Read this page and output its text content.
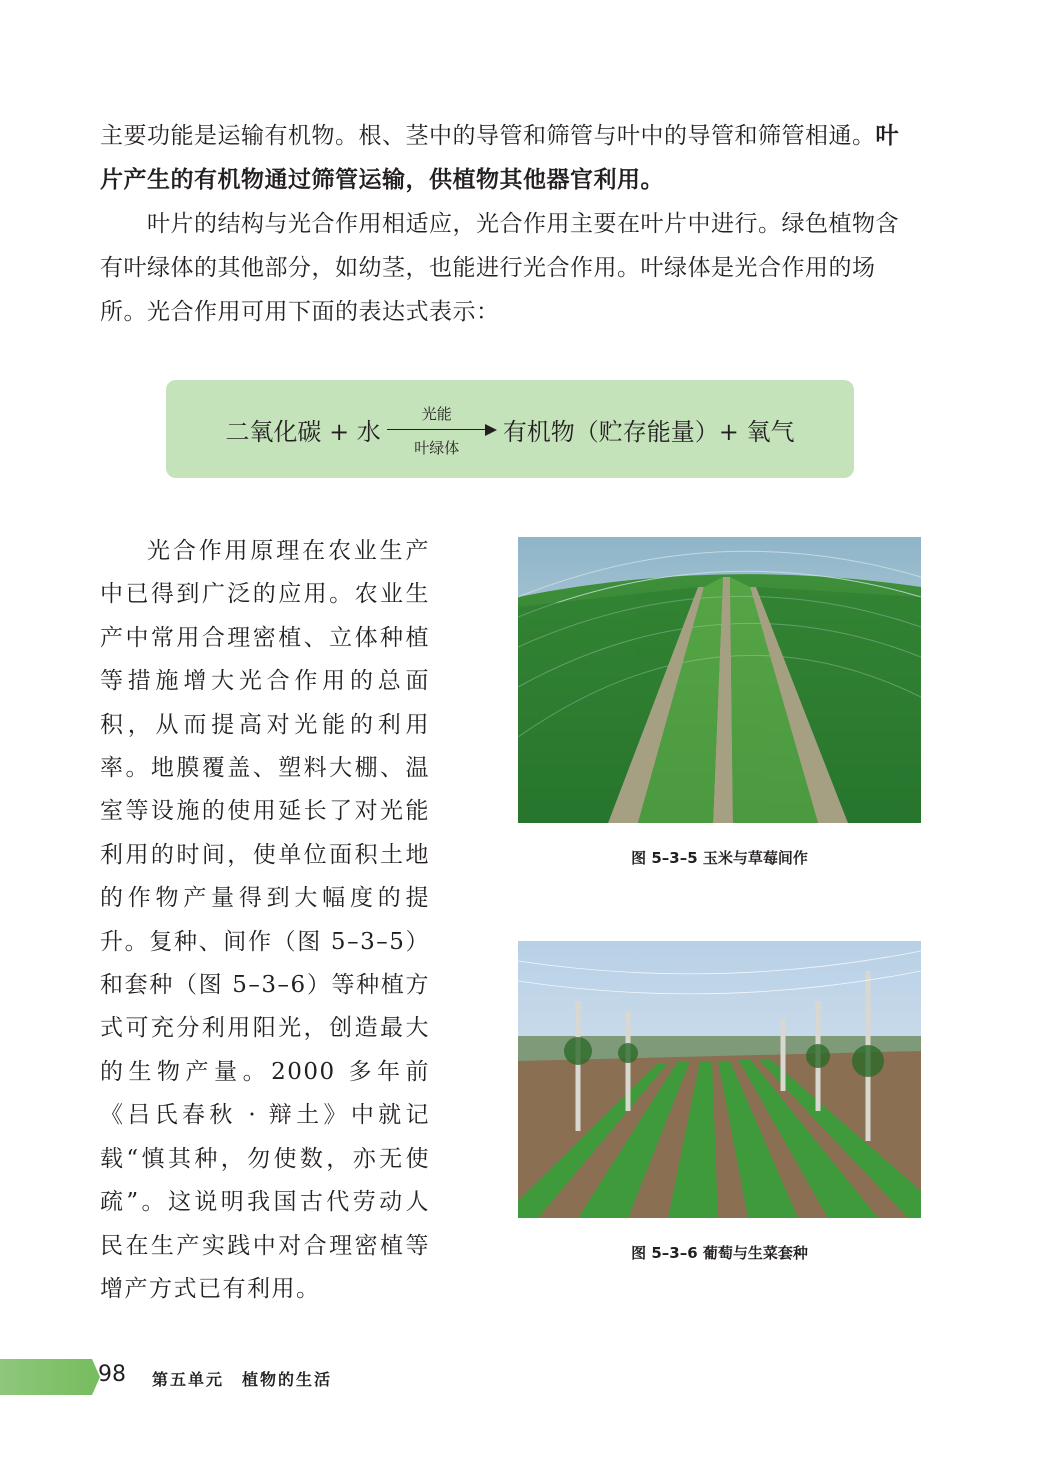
主要功能是运输有机物。根、茎中的导管和筛管与叶中的导管和筛管相通。叶片产生的有机物通过筛管运输，供植物其他器官利用。

叶片的结构与光合作用相适应，光合作用主要在叶片中进行。绿色植物含有叶绿体的其他部分，如幼茎，也能进行光合作用。叶绿体是光合作用的场所。 光合作用可用下面的表达式表示：

二氧化碳 + 水
光能
叶绿体
有机物（贮存能量）+ 氧气

光合作用原理在农业生产中已得到广泛的应用。农业生产中常用合理密植、立体种植等措施增大光合作用的总面积，从而提高对光能的利用率。地膜覆盖、塑料大棚、温室等设施的使用延长了对光能利用的时间，使单位面积土地的作物产量得到大幅度的提升。复种、间作（图 5–3–5）和套种（图 5–3–6）等种植方式可充分利用阳光，创造最大的生物产量。2000 多年前《吕氏春秋 · 辩土》中就记载“慎其种，勿使数，亦无使疏”。这说明我国古代劳动人民在生产实践中对合理密植等增产方式已有利用。

图 5–3–5 玉米与草莓间作
图 5–3–6 葡萄与生菜套种
98 第五单元　植物的生活
